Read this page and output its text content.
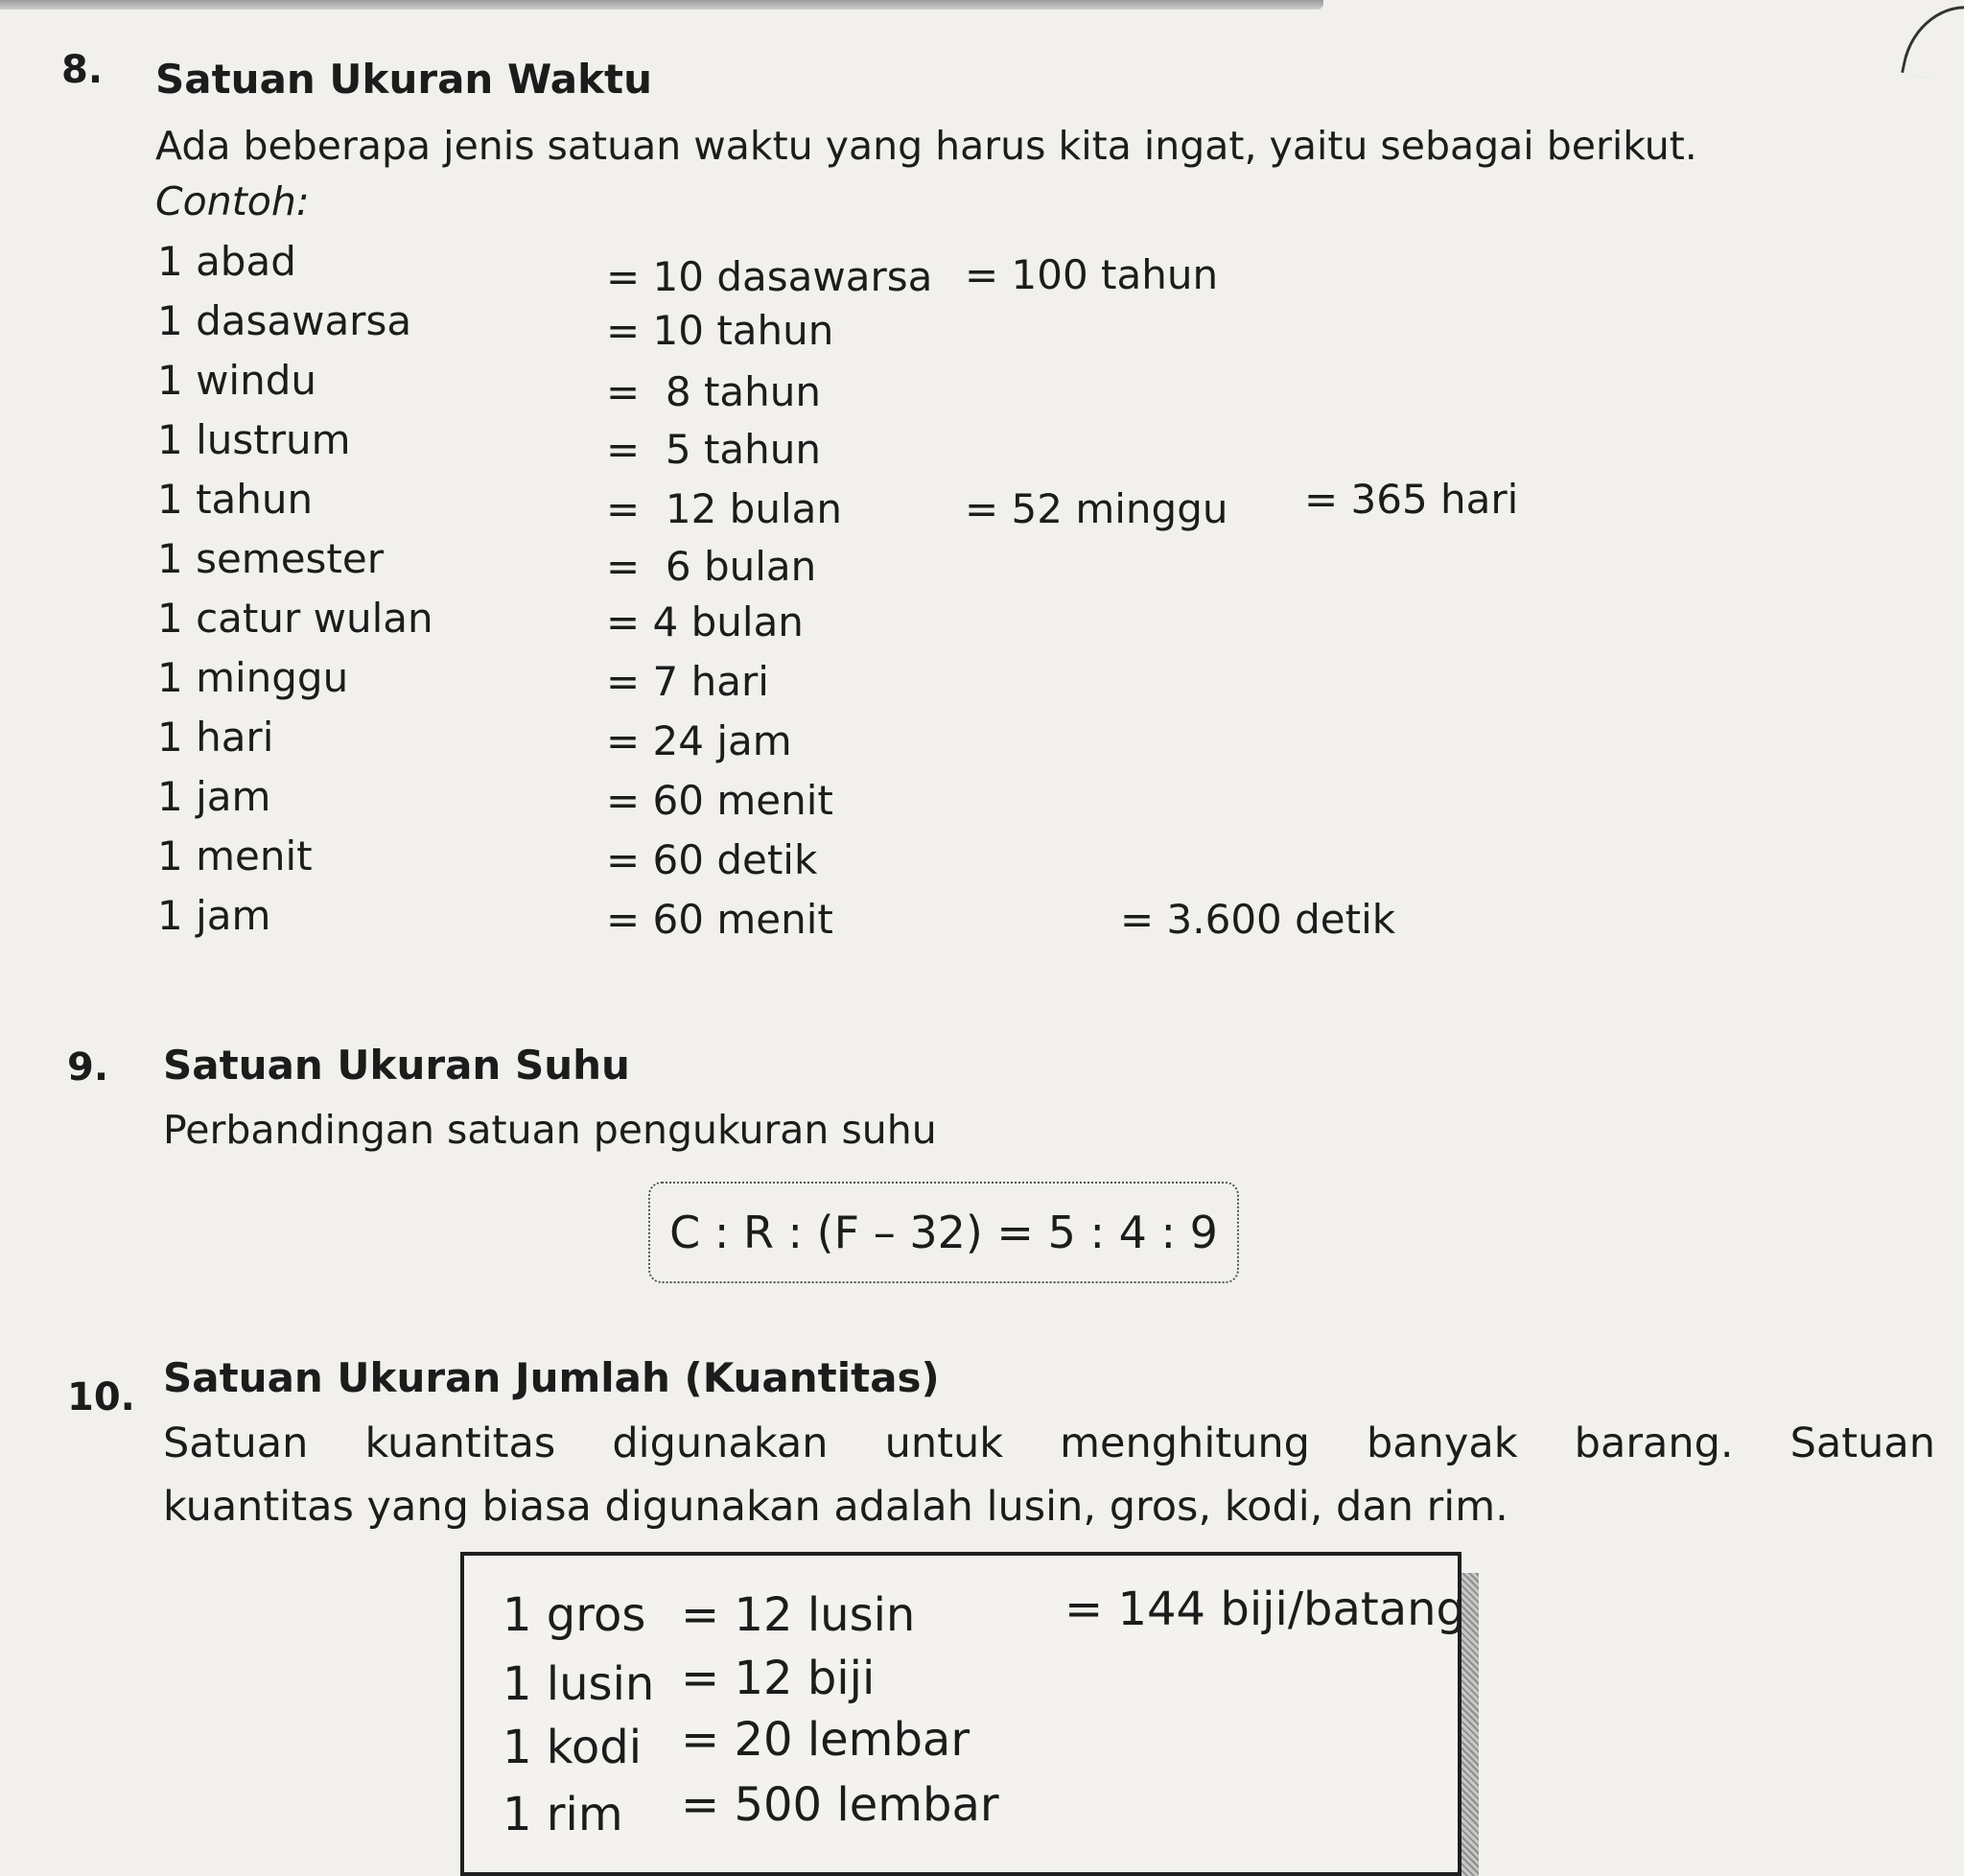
8. Satuan Ukuran Waktu
Ada beberapa jenis satuan waktu yang harus kita ingat, yaitu sebagai berikut.
Contoh:
1 abad	= 10 dasawarsa = 100 tahun
1 dasawarsa	= 10 tahun
1 windu	=  8 tahun
1 lustrum	=  5 tahun
1 tahun	=  12 bulan	= 52 minggu = 365 hari
1 semester	=  6 bulan
1 catur wulan	= 4 bulan
1 minggu	= 7 hari
1 hari	= 24 jam
1 jam	= 60 menit
1 menit	= 60 detik
1 jam	= 60 menit	= 3.600 detik
9. Satuan Ukuran Suhu
Perbandingan satuan pengukuran suhu
C : R : (F – 32) = 5 : 4 : 9
10. Satuan Ukuran Jumlah (Kuantitas)
Satuan kuantitas digunakan untuk menghitung banyak barang. Satuan
kuantitas yang biasa digunakan adalah lusin, gros, kodi, dan rim.
1 gros = 12 lusin	= 144 biji/batang
1 lusin = 12 biji
1 kodi = 20 lembar
1 rim = 500 lembar
